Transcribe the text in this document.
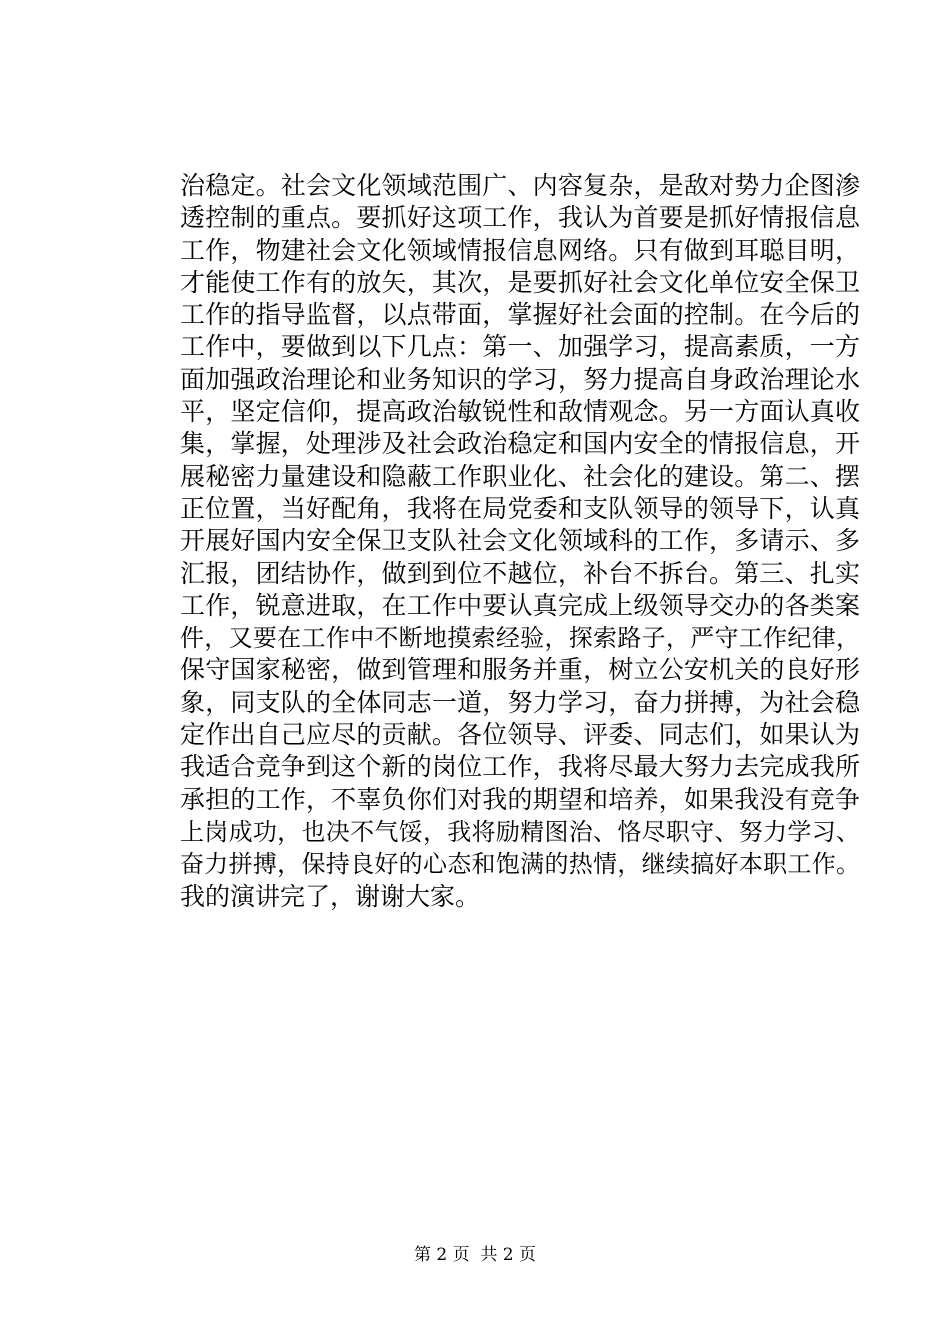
治稳定。社会文化领域范围广、内容复杂，是敌对势力企图渗
透控制的重点。要抓好这项工作，我认为首要是抓好情报信息
工作，物建社会文化领域情报信息网络。只有做到耳聪目明，
才能使工作有的放矢，其次，是要抓好社会文化单位安全保卫
工作的指导监督，以点带面，掌握好社会面的控制。在今后的
工作中，要做到以下几点：第一、加强学习，提高素质，一方
面加强政治理论和业务知识的学习，努力提高自身政治理论水
平，坚定信仰，提高政治敏锐性和敌情观念。另一方面认真收
集，掌握，处理涉及社会政治稳定和国内安全的情报信息，开
展秘密力量建设和隐蔽工作职业化、社会化的建设。第二、摆
正位置，当好配角，我将在局党委和支队领导的领导下，认真
开展好国内安全保卫支队社会文化领域科的工作，多请示、多
汇报，团结协作，做到到位不越位，补台不拆台。第三、扎实
工作，锐意进取，在工作中要认真完成上级领导交办的各类案
件，又要在工作中不断地摸索经验，探索路子，严守工作纪律，
保守国家秘密，做到管理和服务并重，树立公安机关的良好形
象，同支队的全体同志一道，努力学习，奋力拼搏，为社会稳
定作出自己应尽的贡献。各位领导、评委、同志们，如果认为
我适合竞争到这个新的岗位工作，我将尽最大努力去完成我所
承担的工作，不辜负你们对我的期望和培养，如果我没有竞争
上岗成功，也决不气馁，我将励精图治、恪尽职守、努力学习、
奋力拼搏，保持良好的心态和饱满的热情，继续搞好本职工作。
我的演讲完了，谢谢大家。
第 2 页  共 2 页
